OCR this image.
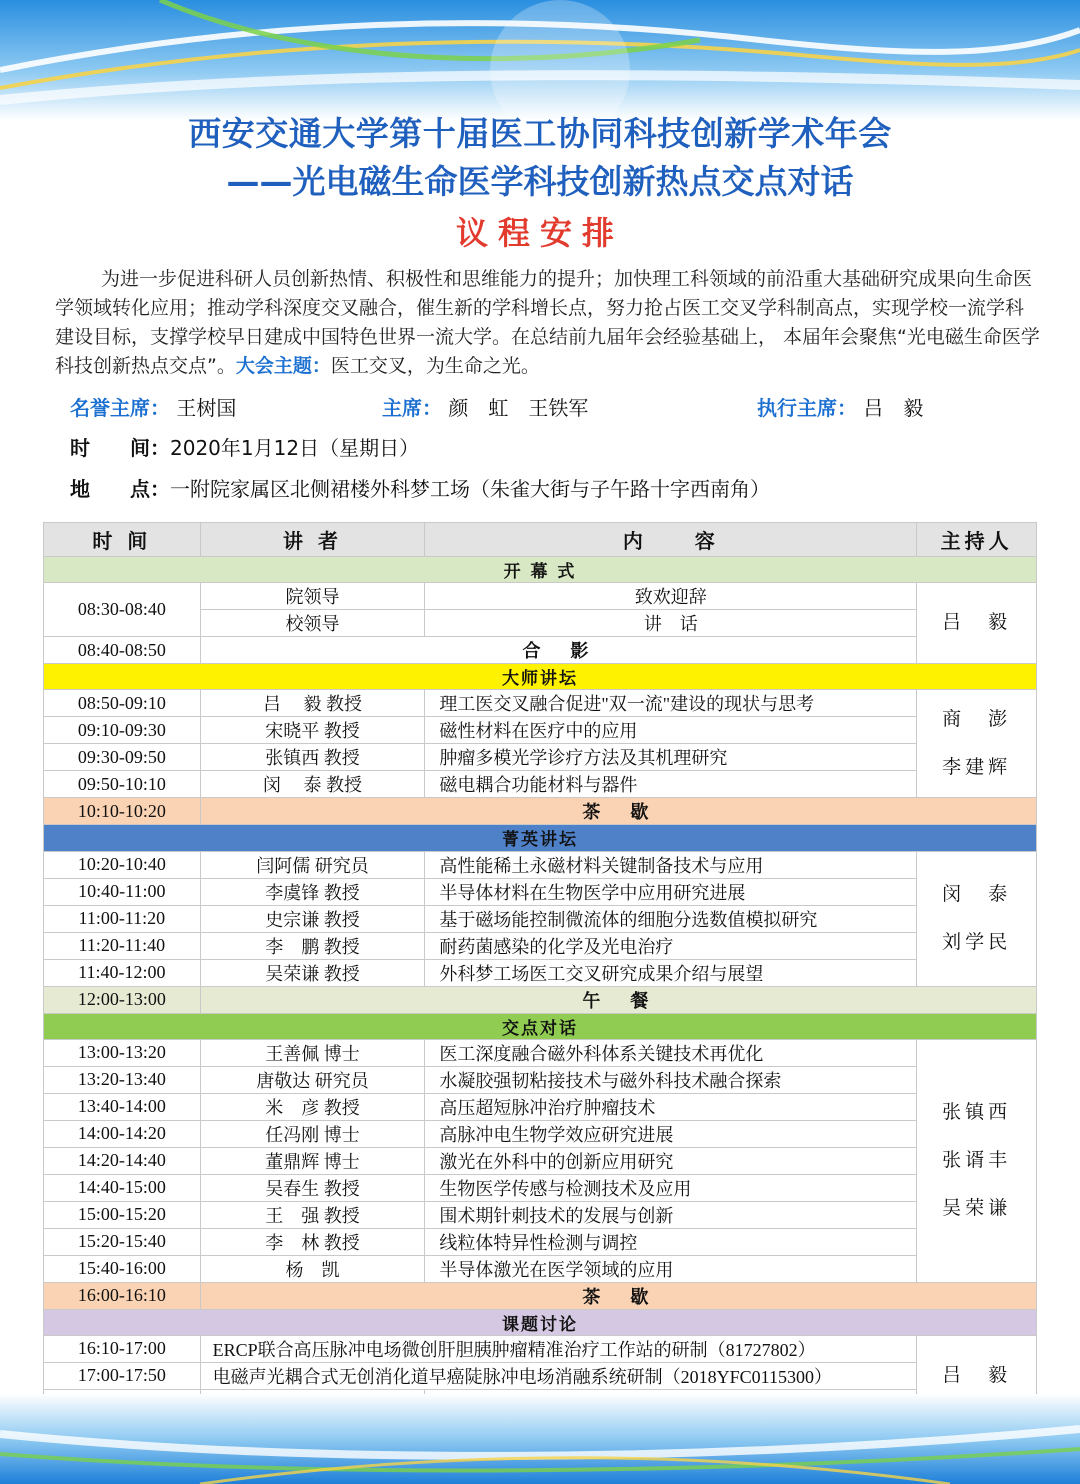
西安交通大学第十届医工协同科技创新学术年会
——光电磁生命医学科技创新热点交点对话
议程安排
为进一步促进科研人员创新热情、积极性和思维能力的提升；加快理工科领域的前沿重大基础研究成果向生命医学领域转化应用；推动学科深度交叉融合，催生新的学科增长点，努力抢占医工交叉学科制高点，实现学校一流学科建设目标，支撑学校早日建成中国特色世界一流大学。在总结前九届年会经验基础上， 本届年会聚焦“光电磁生命医学科技创新热点交点”。大会主题：医工交叉，为生命之光。
名誉主席： 王树国	主席： 颜　虹　王铁军	执行主席： 吕　毅
时　　间：2020年1月12日（星期日）
地　　点：一附院家属区北侧裙楼外科梦工场（朱雀大街与子午路十字西南角）
时 间	讲 者	内　　容	主持人
开 幕 式			
08:30-08:40	院领导	致欢迎辞	吕　毅
	校领导	讲　话	
08:40-08:50	合　影		
大师讲坛			
08:50-09:10	吕　 毅 教授	理工医交叉融合促进"双一流"建设的现状与思考	商　澎
李建辉
09:10-09:30	宋晓平 教授	磁性材料在医疗中的应用	
09:30-09:50	张镇西 教授	肿瘤多模光学诊疗方法及其机理研究	
09:50-10:10	闵　 泰 教授	磁电耦合功能材料与器件	
10:10-10:20	茶　歇		
菁英讲坛			
10:20-10:40	闫阿儒 研究员	高性能稀土永磁材料关键制备技术与应用	闵　泰
刘学民
10:40-11:00	李虞锋 教授	半导体材料在生物医学中应用研究进展	
11:00-11:20	史宗谦 教授	基于磁场能控制微流体的细胞分选数值模拟研究	
11:20-11:40	李　鹏 教授	耐药菌感染的化学及光电治疗	
11:40-12:00	吴荣谦 教授	外科梦工场医工交叉研究成果介绍与展望	
12:00-13:00	午　餐		
交点对话			
13:00-13:20	王善佩 博士	医工深度融合磁外科体系关键技术再优化	张镇西
张谞丰
吴荣谦
13:20-13:40	唐敬达 研究员	水凝胶强韧粘接技术与磁外科技术融合探索	
13:40-14:00	米　彦 教授	高压超短脉冲治疗肿瘤技术	
14:00-14:20	任冯刚 博士	高脉冲电生物学效应研究进展	
14:20-14:40	董鼎辉 博士	激光在外科中的创新应用研究	
14:40-15:00	吴春生 教授	生物医学传感与检测技术及应用	
15:00-15:20	王　强 教授	围术期针刺技术的发展与创新	
15:20-15:40	李　林 教授	线粒体特异性检测与调控	
15:40-16:00	杨　凯	半导体激光在医学领域的应用	
16:00-16:10	茶　歇		
课题讨论			
16:10-17:00	ERCP联合高压脉冲电场微创肝胆胰肿瘤精准治疗工作站的研制（81727802）		吕　毅
17:00-17:50	电磁声光耦合式无创消化道早癌陡脉冲电场消融系统研制（2018YFC0115300）		
